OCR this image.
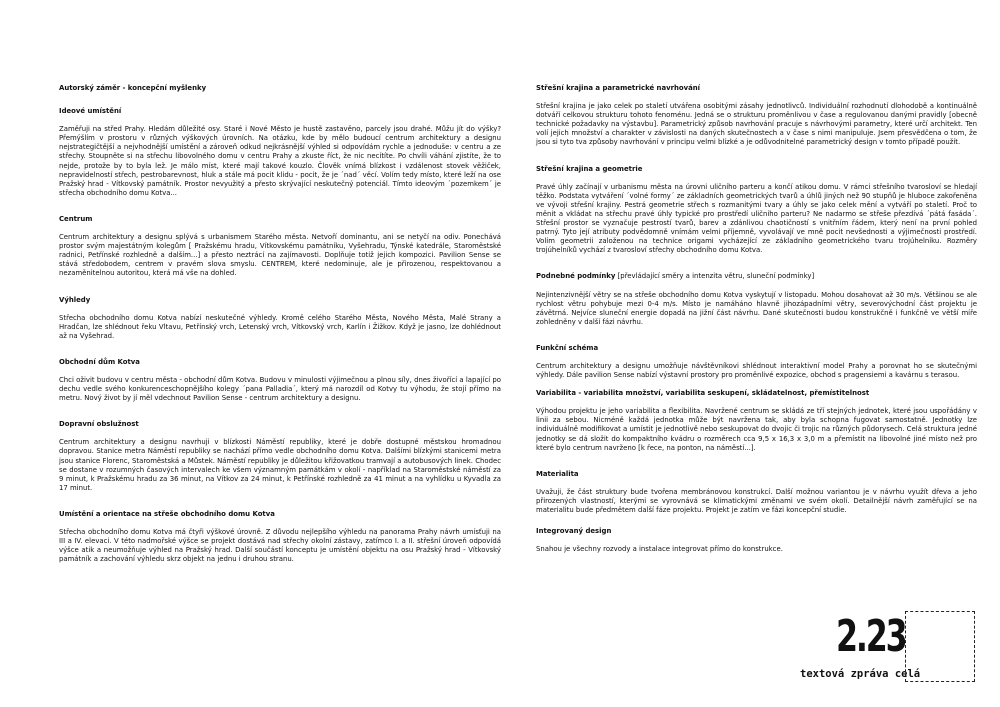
Autorský záměr - koncepční myšlenky
Ideové umístění
Zaměřuji na střed Prahy. Hledám důležité osy. Staré i Nové Město je hustě zastavěno, parcely jsou drahé. Můžu jít do výšky? Přemýšlím v prostoru v různých výškových úrovních. Na otázku, kde by mělo budoucí centrum architektury a designu nejstrategičtější a nejvhodnější umístění a zároveň odkud nejkrásnější výhled si odpovídám rychle a jednoduše: v centru a ze střechy. Stoupněte si na střechu libovolného domu v centru Prahy a zkuste říct, že nic necítíte. Po chvíli váhání zjistíte, že to nejde, protože by to byla lež. Je málo míst, které mají takové kouzlo. Člověk vnímá blízkost i vzdálenost stovek věžiček, nepravidelností střech, pestrobarevnost, hluk a stále má pocit klidu - pocit, že je ´nad´ věcí. Volím tedy místo, které leží na ose Pražský hrad - Vítkovský památník. Prostor nevyužitý a přesto skrývající neskutečný potenciál. Tímto ideovým ´pozemkem´ je střecha obchodního domu Kotva...
Centrum
Centrum architektury a designu splývá s urbanismem Starého města. Netvoří dominantu, ani se netyčí na odiv. Ponechává prostor svým majestátným kolegům [ Pražskému hradu, Vítkovskému památníku, Vyšehradu, Týnské katedrále, Staroměstské radnici, Petřínské rozhledně a dalším...] a přesto neztrácí na zajímavosti. Doplňuje totiž jejich kompozici. Pavilion Sense se stává středobodem, centrem v pravém slova smyslu. CENTREM, které nedominuje, ale je přirozenou, respektovanou a nezaměnitelnou autoritou, která má vše na dohled.
Výhledy
Střecha obchodního domu Kotva nabízí neskutečné výhledy. Kromě celého Starého Města, Nového Města, Malé Strany a Hradčan, lze shlédnout řeku Vltavu, Petřínský vrch, Letenský vrch, Vítkovský vrch, Karlín i Žižkov. Když je jasno, lze dohlédnout až na Vyšehrad.
Obchodní dům Kotva
Chci oživit budovu v centru města - obchodní dům Kotva. Budovu v minulosti výjimečnou a plnou síly, dnes živořící a lapající po dechu vedle svého konkurenceschopnějšího kolegy ´pana Palladia´, který má narozdíl od Kotvy tu výhodu, že stojí přímo na metru. Nový život by jí měl vdechnout Pavilion Sense - centrum architektury a designu.
Dopravní obslužnost
Centrum architektury a designu navrhuji v blízkosti Náměstí republiky, které je dobře dostupné městskou hromadnou dopravou. Stanice metra Náměstí republiky se nachází přímo vedle obchodního domu Kotva. Dalšími blízkými stanicemi metra jsou stanice Florenc, Staroměstská a Můstek. Náměstí republiky je důležitou křižovatkou tramvají a autobusových linek. Chodec se dostane v rozumných časových intervalech ke všem významným památkám v okolí - například na Staroměstské náměstí za 9 minut, k Pražskému hradu za 36 minut, na Vítkov za 24 minut, k Petřínské rozhledně za 41 minut a na vyhlídku u Kyvadla za 17 minut.
Umístění a orientace na střeše obchodního domu Kotva
Střecha obchodního domu Kotva má čtyři výškové úrovně. Z důvodu nejlepšího výhledu na panorama Prahy návrh umísťuji na III a IV. elevaci. V této nadmořské výšce se projekt dostává nad střechy okolní zástavy, zatímco I. a II. střešní úroveň odpovídá výšce atik a neumožňuje výhled na Pražský hrad. Další součástí konceptu je umístění objektu na osu Pražský hrad - Vítkovský památník a zachování výhledu skrz objekt na jednu i druhou stranu.
Střešní krajina a parametrické navrhování
Střešní krajina je jako celek po staletí utvářena osobitými zásahy jednotlivců. Individuální rozhodnutí dlohodobě a kontinuálně dotváří celkovou strukturu tohoto fenoménu. Jedná se o strukturu proměnlivou v čase a regulovanou danými pravidly [obecně technické požadavky na výstavbu]. Parametrický způsob navrhování pracuje s návrhovými parametry, které určí architekt. Ten volí jejich množství a charakter v závislosti na daných skutečnostech a v čase s nimi manipuluje. Jsem přesvědčena o tom, že jsou si tyto tva způsoby navrhování v principu velmi blízké a je odůvodnitelné parametrický design v tomto případě použít.
Střešní krajina a geometrie
Pravé úhly začínají v urbanismu města na úrovni uličního parteru a končí atikou domu. V rámci střešního tvarosloví se hledají těžko. Podstata vytváření ´volné formy´ ze základních geometrických tvarů a úhlů jiných než 90 stupňů je hluboce zakořeněna ve vývoji střešní krajiny. Pestrá geometrie střech s rozmanitými tvary a úhly se jako celek mění a vytváří po staletí. Proč to měnit a vkládat na střechu pravé úhly typické pro prostředí uličního parteru? Ne nadarmo se střeše přezdívá ´pátá fasáda´. Střešní prostor se vyznačuje pestrostí tvarů, barev a zdánlivou chaotičností s vnitřním řádem, který není na první pohled patrný. Tyto její atributy podvědomně vnímám velmi příjemně, vyvolávají ve mně pocit nevšednosti a výjimečnosti prostředí. Volím geometrii založenou na technice origami vycházející ze základního geometrického tvaru trojúhelníku. Rozměry trojúhelníků vychází z tvarosloví střechy obchodního domu Kotva.
Podnebné podmínky [převládající směry a intenzita větru, sluneční podmínky]
Nejintenzivnější větry se na střeše obchodního domu Kotva vyskytují v listopadu. Mohou dosahovat až 30 m/s. Většinou se ale rychlost větru pohybuje mezi 0-4 m/s. Místo je namáháno hlavně jihozápadními větry, severovýchodní část projektu je závětrná. Nejvíce sluneční energie dopadá na jižní část návrhu. Dané skutečnosti budou konstrukčně i funkčně ve větší míře zohledněny v další fázi návrhu.
Funkční schéma
Centrum architektury a designu umožňuje návštěvníkovi shlédnout interaktivní model Prahy a porovnat ho se skutečnými výhledy. Dále pavilion Sense nabízí výstavní prostory pro proměnlivé expozice, obchod s pragensiemi a kavárnu s terasou.
Variabilita - variabilita množství, variabilita seskupení, skládatelnost, přemístitelnost
Výhodou projektu je jeho variabilita a flexibilita. Navržené centrum se skládá ze tří stejných jednotek, které jsou uspořádány v linii za sebou. Nicméně každá jednotka může být navržena tak, aby byla schopna fugovat samostatně. Jednotky lze individuálně modifikovat a umístit je jednotlivě nebo seskupovat do dvojic či trojic na různých půdorysech. Celá struktura jedné jednotky se dá složit do kompaktního kvádru o rozměrech cca 9,5 x 16,3 x 3,0 m a přemístit na libovolné jiné místo než pro které bylo centrum navrženo [k řece, na ponton, na náměstí...].
Materialita
Uvažuji, že část struktury bude tvořena membránovou konstrukcí. Další možnou variantou je v návrhu využít dřeva a jeho přirozených vlastností, kterými se vyrovnává se klimatickými změnami ve svém okolí. Detailnější návrh zaměřující se na materialitu bude předmětem další fáze projektu. Projekt je zatím ve fázi koncepční studie.
Integrovaný design
Snahou je všechny rozvody a instalace integrovat přímo do konstrukce.
2.23
textová zpráva celá
